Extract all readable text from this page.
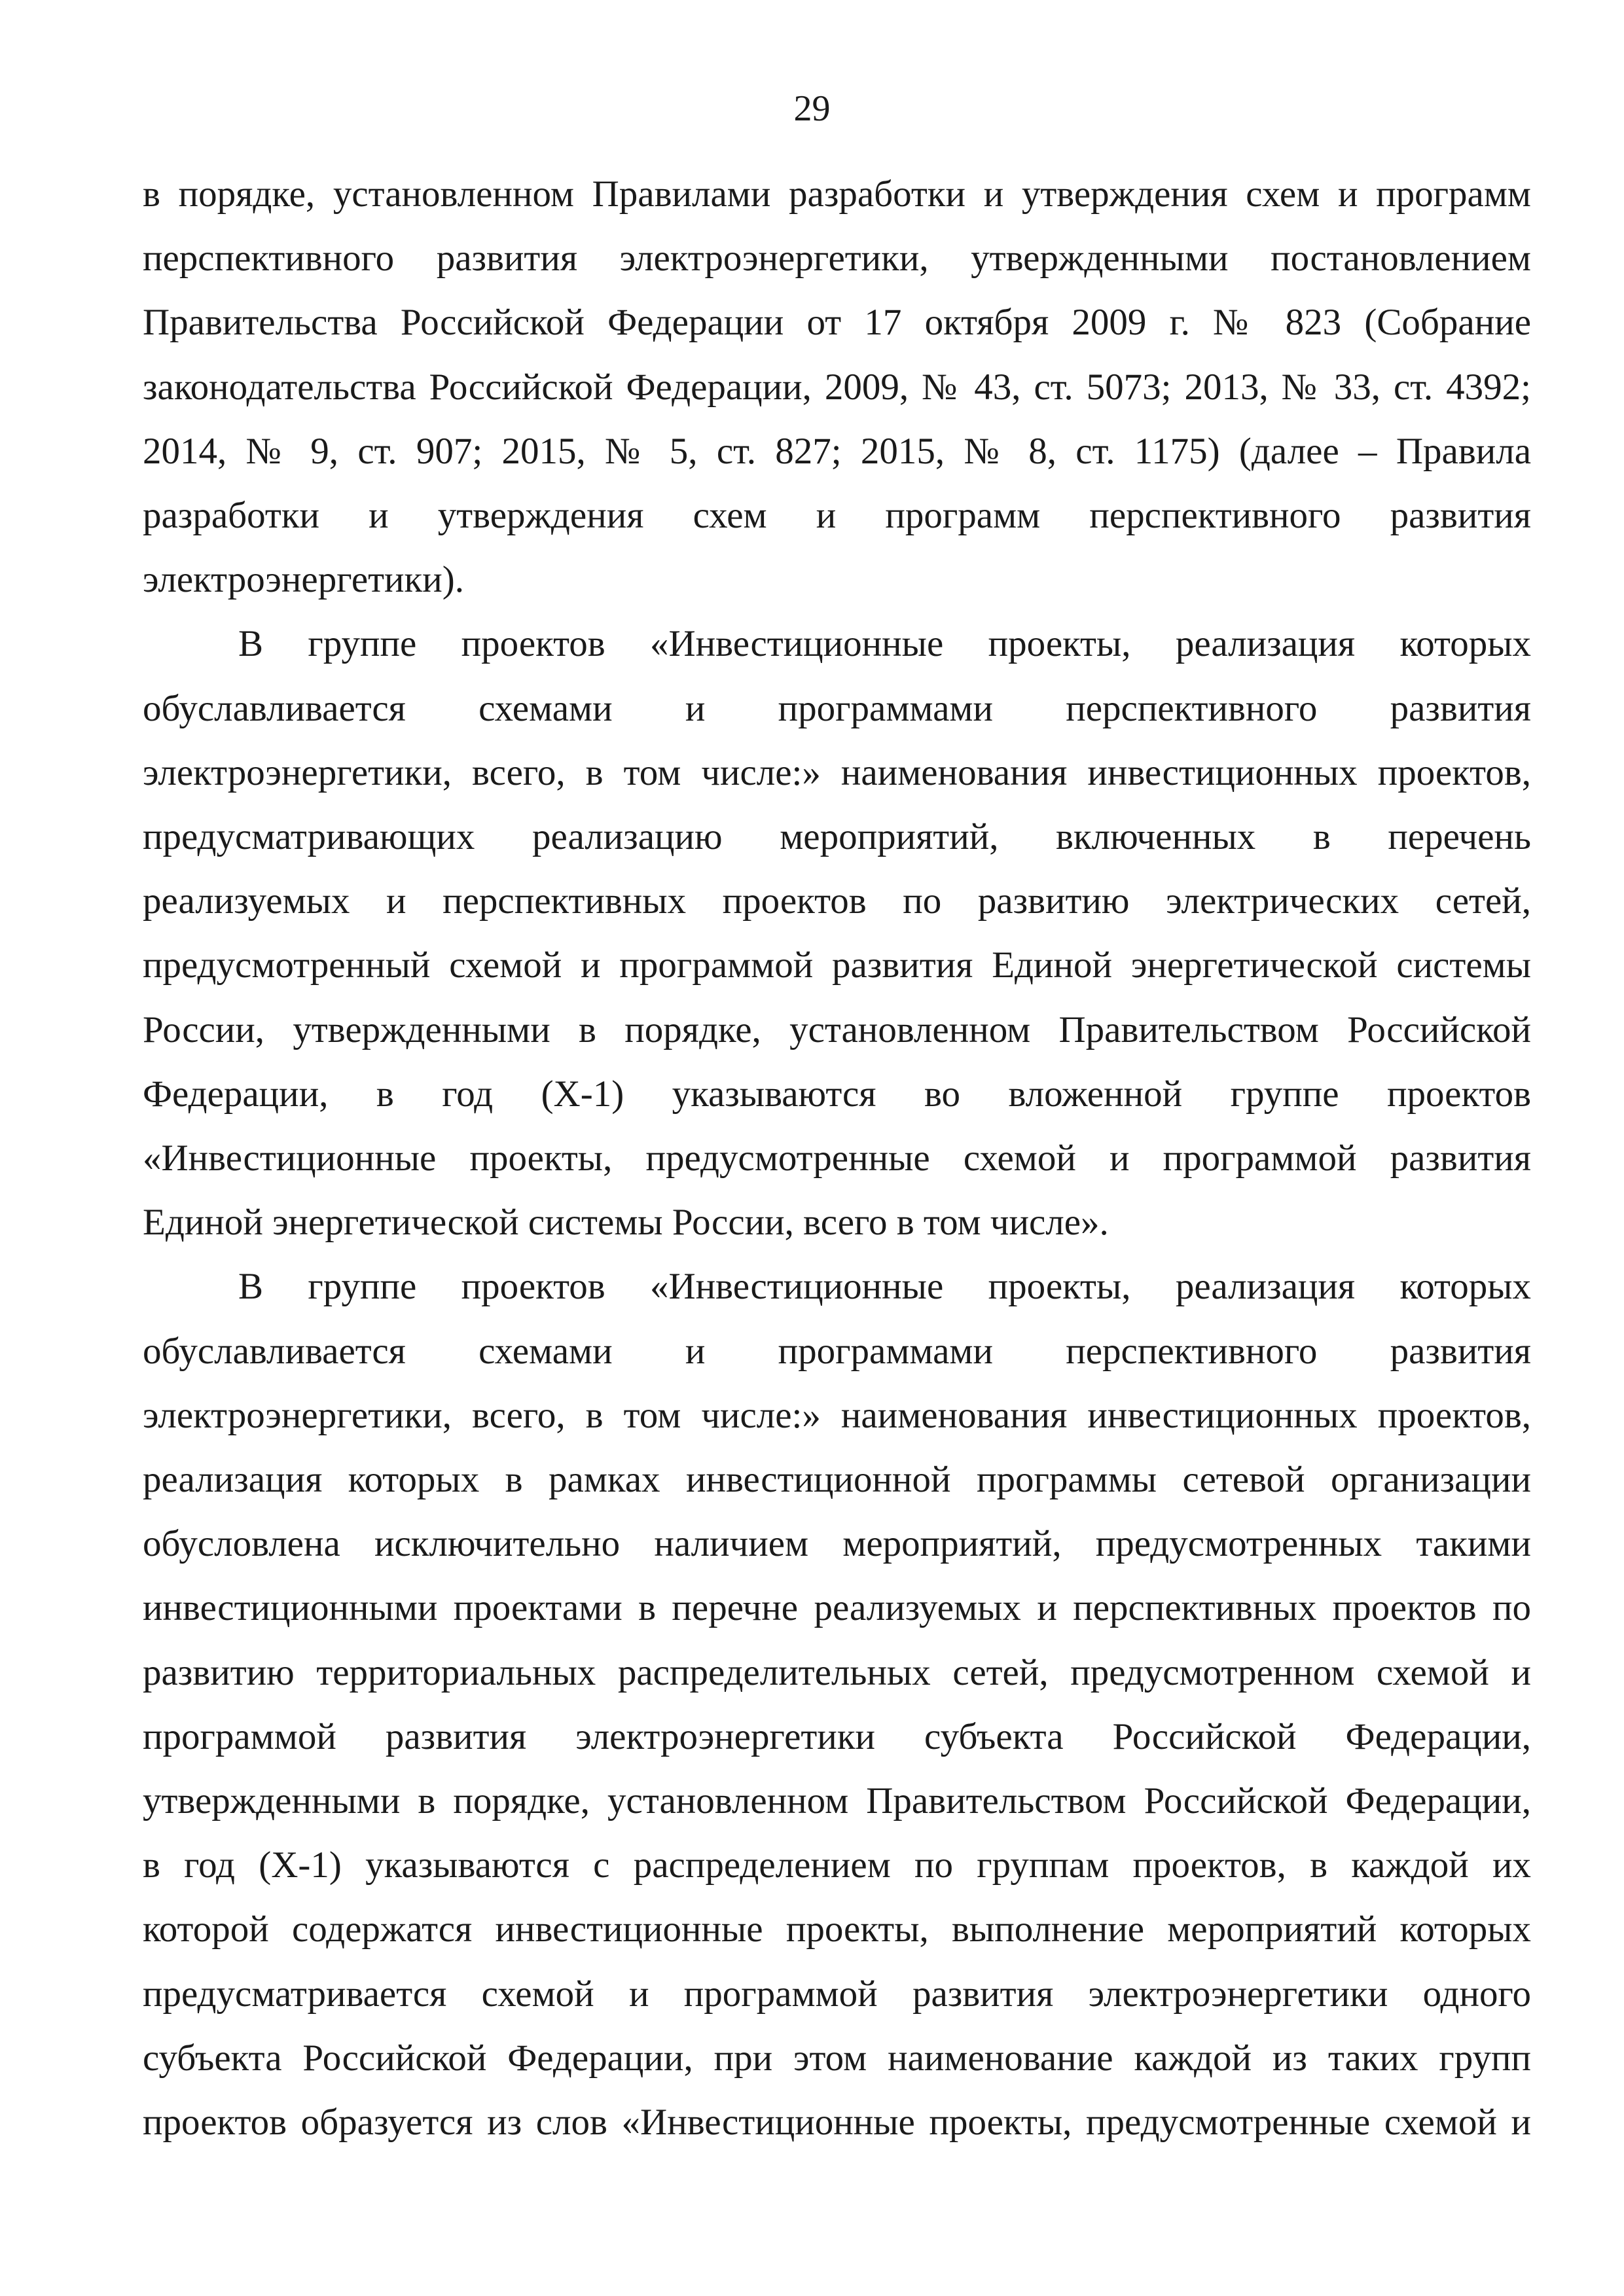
29

в порядке, установленном Правилами разработки и утверждения схем и программ

перспективного развития электроэнергетики, утвержденными постановлением

Правительства Российской Федерации от 17 октября 2009 г. № 823 (Собрание

законодательства Российской Федерации, 2009, № 43, ст. 5073; 2013, № 33, ст. 4392;

2014, № 9, ст. 907; 2015, № 5, ст. 827; 2015, № 8, ст. 1175) (далее – Правила

разработки и утверждения схем и программ перспективного развития

электроэнергетики).

В группе проектов «Инвестиционные проекты, реализация которых

обуславливается схемами и программами перспективного развития

электроэнергетики, всего, в том числе:» наименования инвестиционных проектов,

предусматривающих реализацию мероприятий, включенных в перечень

реализуемых и перспективных проектов по развитию электрических сетей,

предусмотренный схемой и программой развития Единой энергетической системы

России, утвержденными в порядке, установленном Правительством Российской

Федерации, в год (Х-1) указываются во вложенной группе проектов

«Инвестиционные проекты, предусмотренные схемой и программой развития

Единой энергетической системы России, всего в том числе».

В группе проектов «Инвестиционные проекты, реализация которых

обуславливается схемами и программами перспективного развития

электроэнергетики, всего, в том числе:» наименования инвестиционных проектов,

реализация которых в рамках инвестиционной программы сетевой организации

обусловлена исключительно наличием мероприятий, предусмотренных такими

инвестиционными проектами в перечне реализуемых и перспективных проектов по

развитию территориальных распределительных сетей, предусмотренном схемой и

программой развития электроэнергетики субъекта Российской Федерации,

утвержденными в порядке, установленном Правительством Российской Федерации,

в год (Х-1) указываются с распределением по группам проектов, в каждой их

которой содержатся инвестиционные проекты, выполнение мероприятий которых

предусматривается схемой и программой развития электроэнергетики одного

субъекта Российской Федерации, при этом наименование каждой из таких групп

проектов образуется из слов «Инвестиционные проекты, предусмотренные схемой и
